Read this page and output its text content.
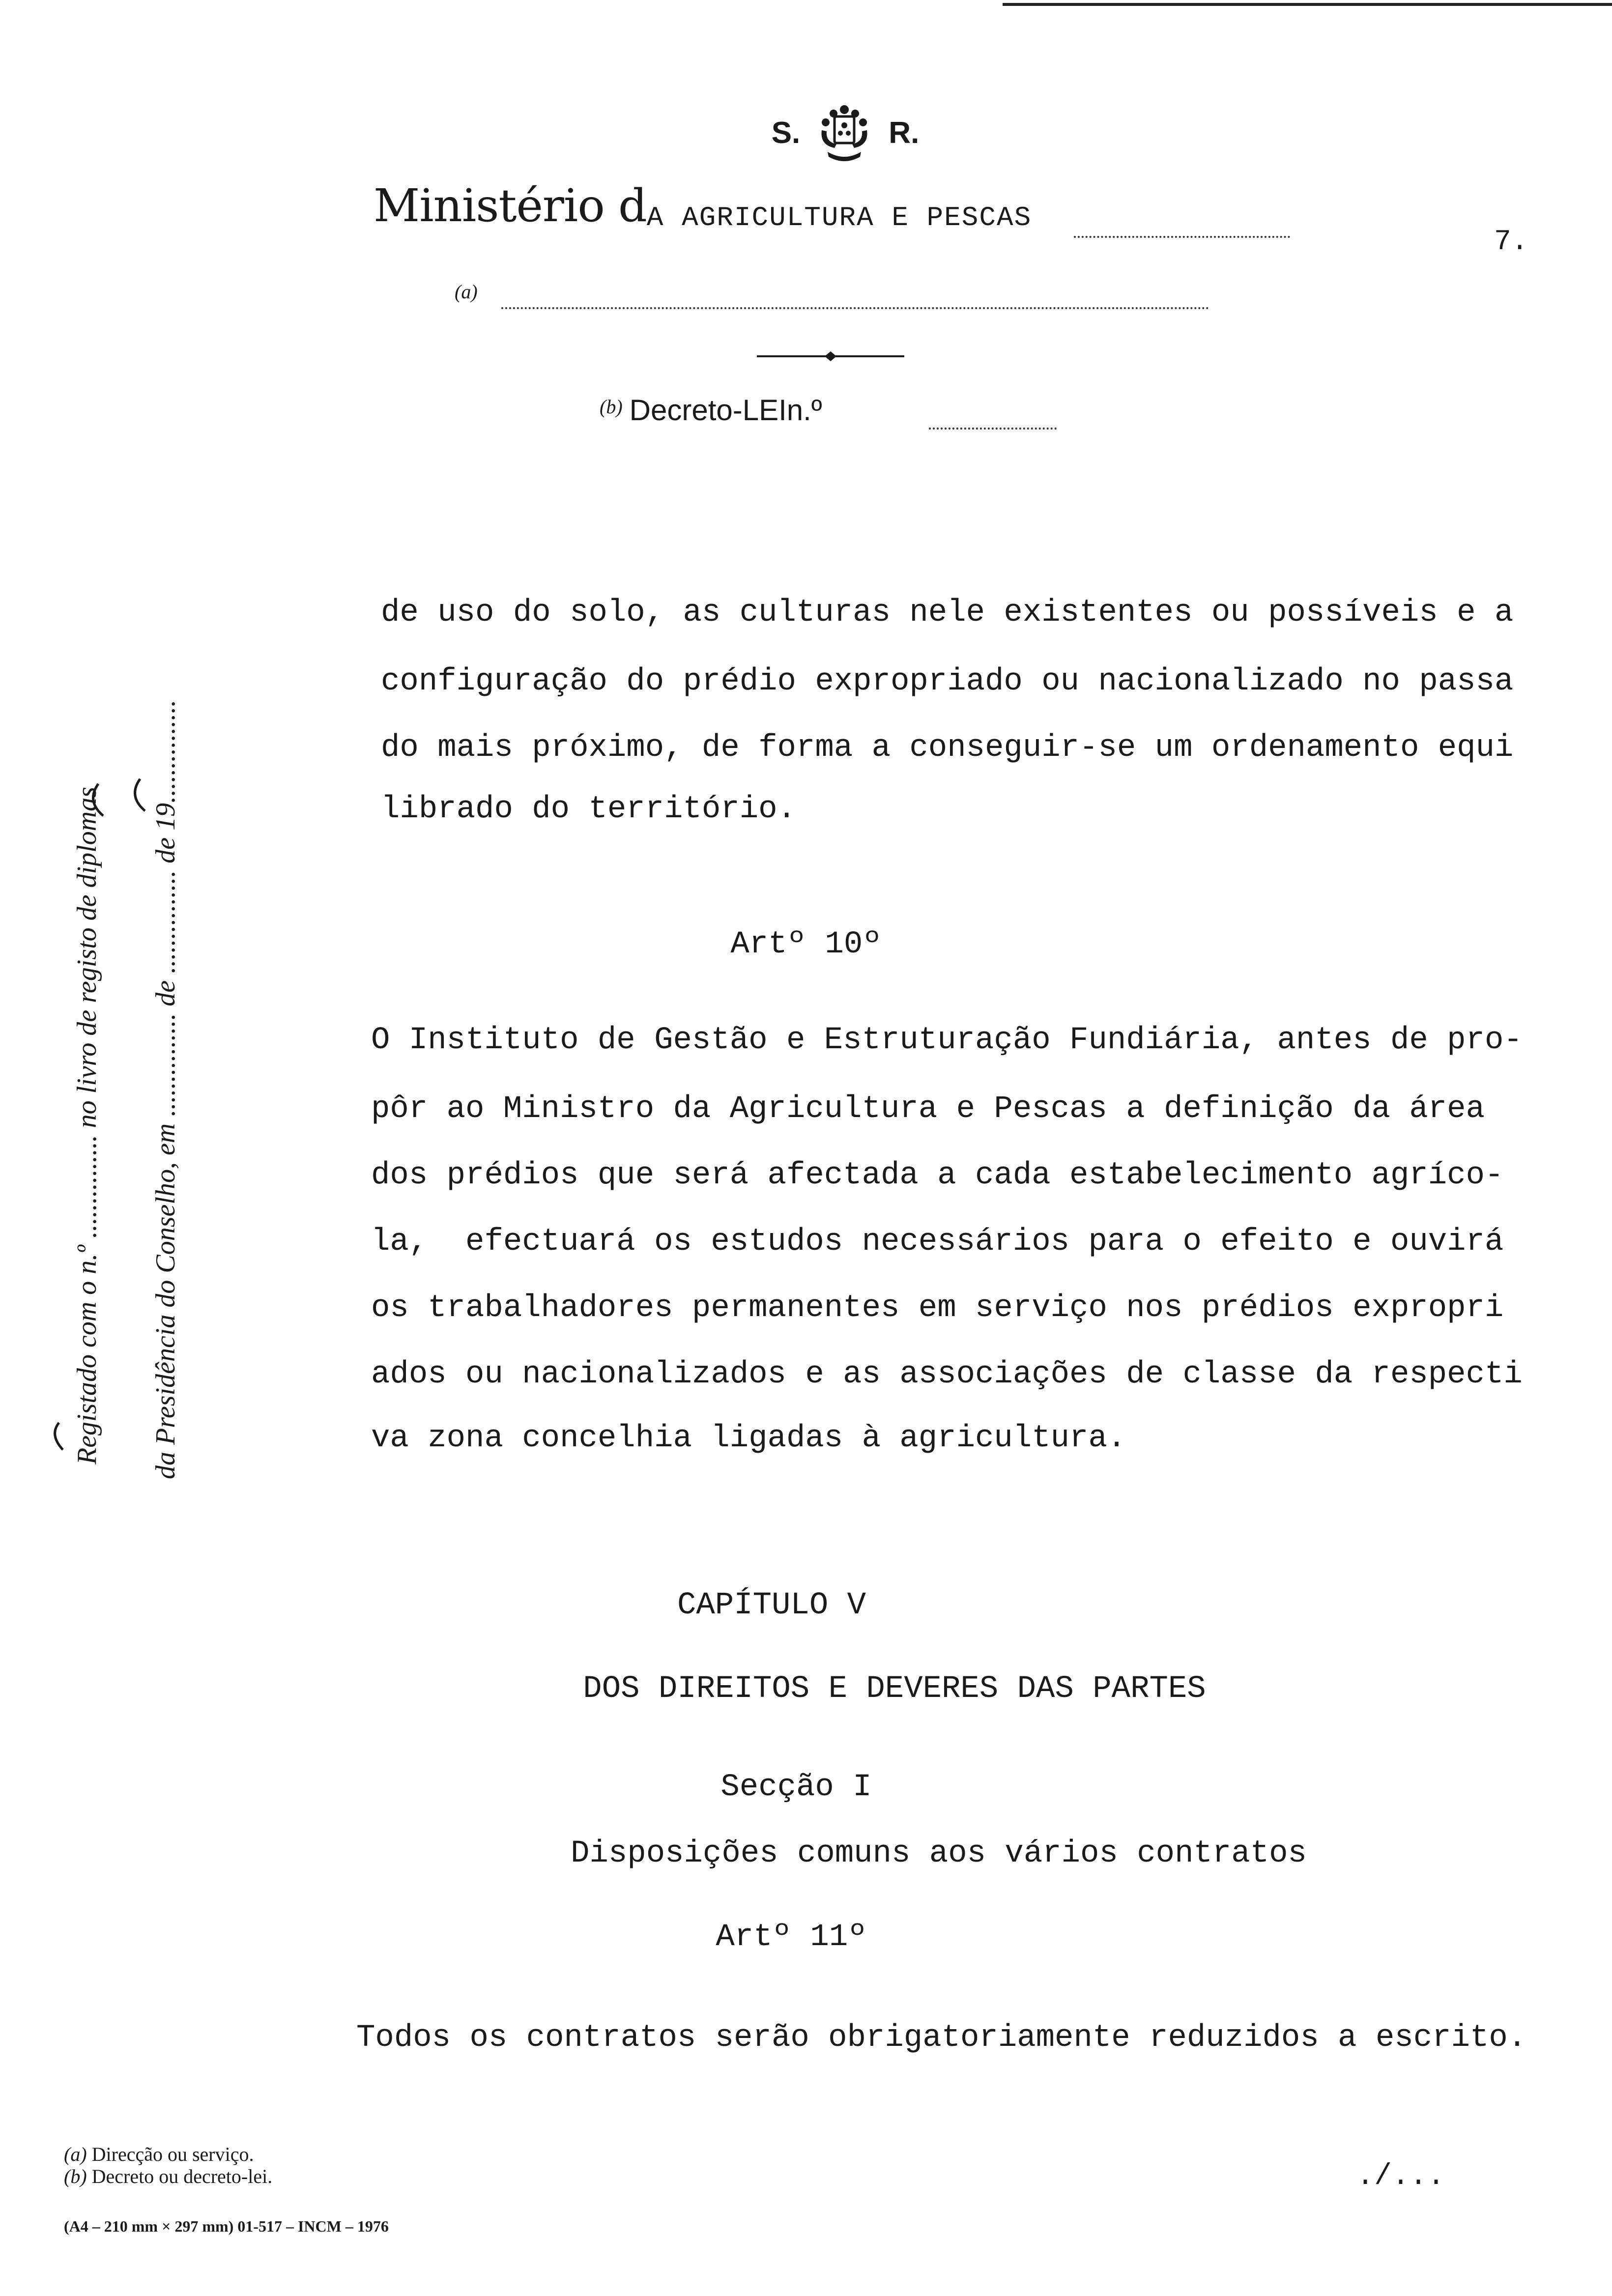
S.	R.
Ministério dA AGRICULTURA E PESCAS
7.
(a)
$^{(b)}$ Decreto-LEIn.º
Registado com o n.º ............... no livro de registo de diplomas da Presidência do Conselho, em ............... de ............... de 19...............

de uso do solo, as culturas nele existentes ou possíveis e a

configuração do prédio expropriado ou nacionalizado no passa

do mais próximo, de forma a conseguir-se um ordenamento equi

librado do território.

Artº 10º

O Instituto de Gestão e Estruturação Fundiária, antes de pro-

pôr ao Ministro da Agricultura e Pescas a definição da área

dos prédios que será afectada a cada estabelecimento agríco-

la,  efectuará os estudos necessários para o efeito e ouvirá

os trabalhadores permanentes em serviço nos prédios expropri

ados ou nacionalizados e as associações de classe da respecti

va zona concelhia ligadas à agricultura.

CAPÍTULO V
DOS DIREITOS E DEVERES DAS PARTES
Secção I
Disposições comuns aos vários contratos
Artº 11º
Todos os contratos serão obrigatoriamente reduzidos a escrito.
(a) Direcção ou serviço.
(b) Decreto ou decreto-lei.
(A4 – 210 mm × 297 mm) 01-517 – INCM – 1976
./...
